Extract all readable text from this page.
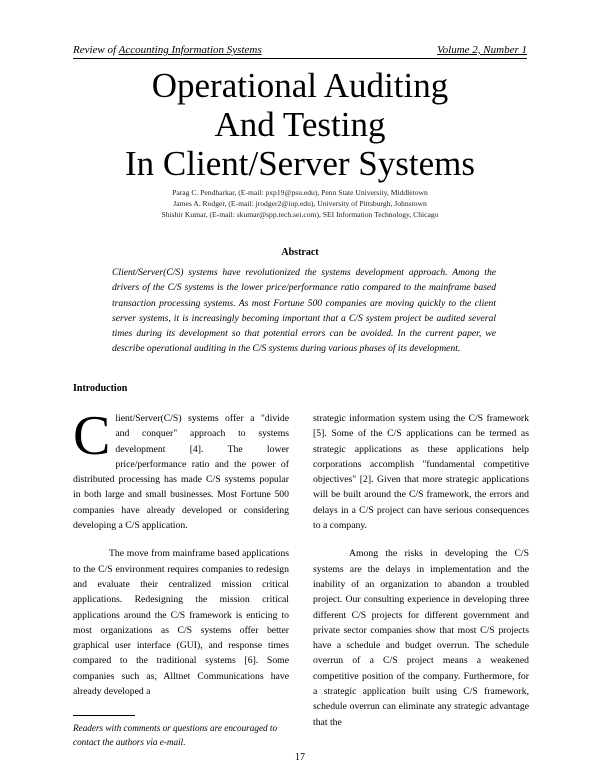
Review of Accounting Information Systems	Volume 2, Number 1

Operational Auditing
And Testing
In Client/Server Systems
Parag C. Pendharkar, (E-mail: pxp19@psu.edu), Penn State University, Middletown
James A. Rodger, (E-mail: jrodger2@iup.edu), University of Pittsburgh, Johnstown
Shishir Kumar, (E-mail: skumar@spp.tech.sei.com), SEI Information Technology, Chicago
Abstract
Client/Server(C/S) systems have revolutionized the systems development approach. Among the drivers of the C/S systems is the lower price/performance ratio compared to the mainframe based transaction processing systems. As most Fortune 500 companies are moving quickly to the client server systems, it is increasingly becoming important that a C/S system project be audited several times during its development so that potential errors can be avoided. In the current paper, we describe operational auditing in the C/S systems during various phases of its development.
Introduction

Client/Server(C/S) systems offer a "divide and conquer" approach to systems development [4]. The lower price/performance ratio and the power of distributed processing has made C/S systems popular in both large and small businesses. Most Fortune 500 companies have already developed or considering developing a C/S application.

The move from mainframe based applications to the C/S environment requires companies to redesign and evaluate their centralized mission critical applications. Redesigning the mission critical applications around the C/S framework is enticing to most organizations as C/S systems offer better graphical user interface (GUI), and response times compared to the traditional systems [6]. Some companies such as, Alltnet Communications have already developed a

strategic information system using the C/S framework [5]. Some of the C/S applications can be termed as strategic applications as these applications help corporations accomplish "fundamental competitive objectives" [2]. Given that more strategic applications will be built around the C/S framework, the errors and delays in a C/S project can have serious consequences to a company.

Among the risks in developing the C/S systems are the delays in implementation and the inability of an organization to abandon a troubled project. Our consulting experience in developing three different C/S projects for different government and private sector companies show that most C/S projects have a schedule and budget overrun. The schedule overrun of a C/S project means a weakened competitive position of the company. Furthermore, for a strategic application built using C/S framework, schedule overrun can eliminate any strategic advantage that the

Readers with comments or questions are encouraged to contact the authors via e-mail.
17
